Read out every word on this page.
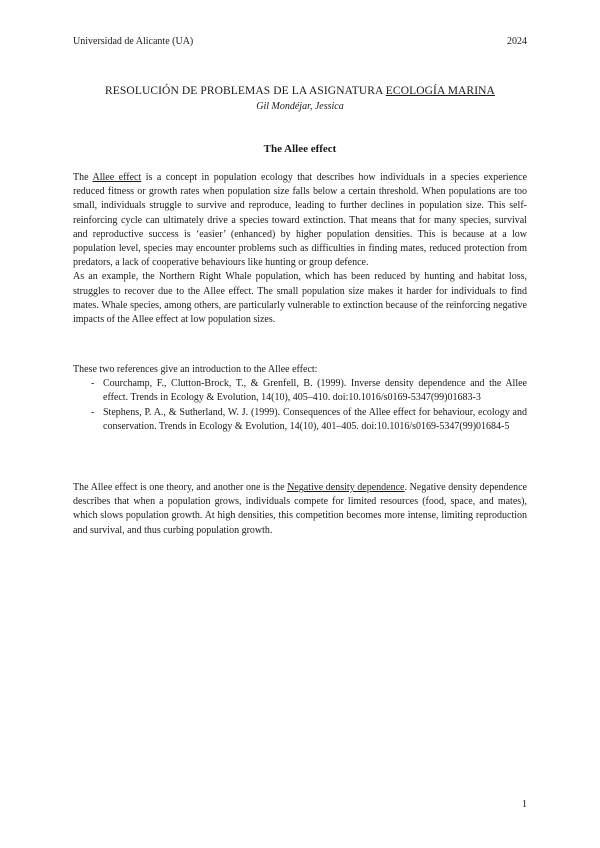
Universidad de Alicante (UA)	2024
RESOLUCIÓN DE PROBLEMAS DE LA ASIGNATURA ECOLOGÍA MARINA
Gil Mondéjar, Jessica
The Allee effect

The Allee effect is a concept in population ecology that describes how individuals in a species experience reduced fitness or growth rates when population size falls below a certain threshold. When populations are too small, individuals struggle to survive and reproduce, leading to further declines in population size. This self-reinforcing cycle can ultimately drive a species toward extinction. That means that for many species, survival and reproductive success is ‘easier’ (enhanced) by higher population densities. This is because at a low population level, species may encounter problems such as difficulties in finding mates, reduced protection from predators, a lack of cooperative behaviours like hunting or group defence.

As an example, the Northern Right Whale population, which has been reduced by hunting and habitat loss, struggles to recover due to the Allee effect. The small population size makes it harder for individuals to find mates. Whale species, among others, are particularly vulnerable to extinction because of the reinforcing negative impacts of the Allee effect at low population sizes.

These two references give an introduction to the Allee effect:

- Courchamp, F., Clutton-Brock, T., & Grenfell, B. (1999). Inverse density dependence and the Allee effect. Trends in Ecology & Evolution, 14(10), 405–410. doi:10.1016/s0169-5347(99)01683-3
- Stephens, P. A., & Sutherland, W. J. (1999). Consequences of the Allee effect for behaviour, ecology and conservation. Trends in Ecology & Evolution, 14(10), 401–405. doi:10.1016/s0169-5347(99)01684-5

The Allee effect is one theory, and another one is the Negative density dependence. Negative density dependence describes that when a population grows, individuals compete for limited resources (food, space, and mates), which slows population growth. At high densities, this competition becomes more intense, limiting reproduction and survival, and thus curbing population growth.

1
